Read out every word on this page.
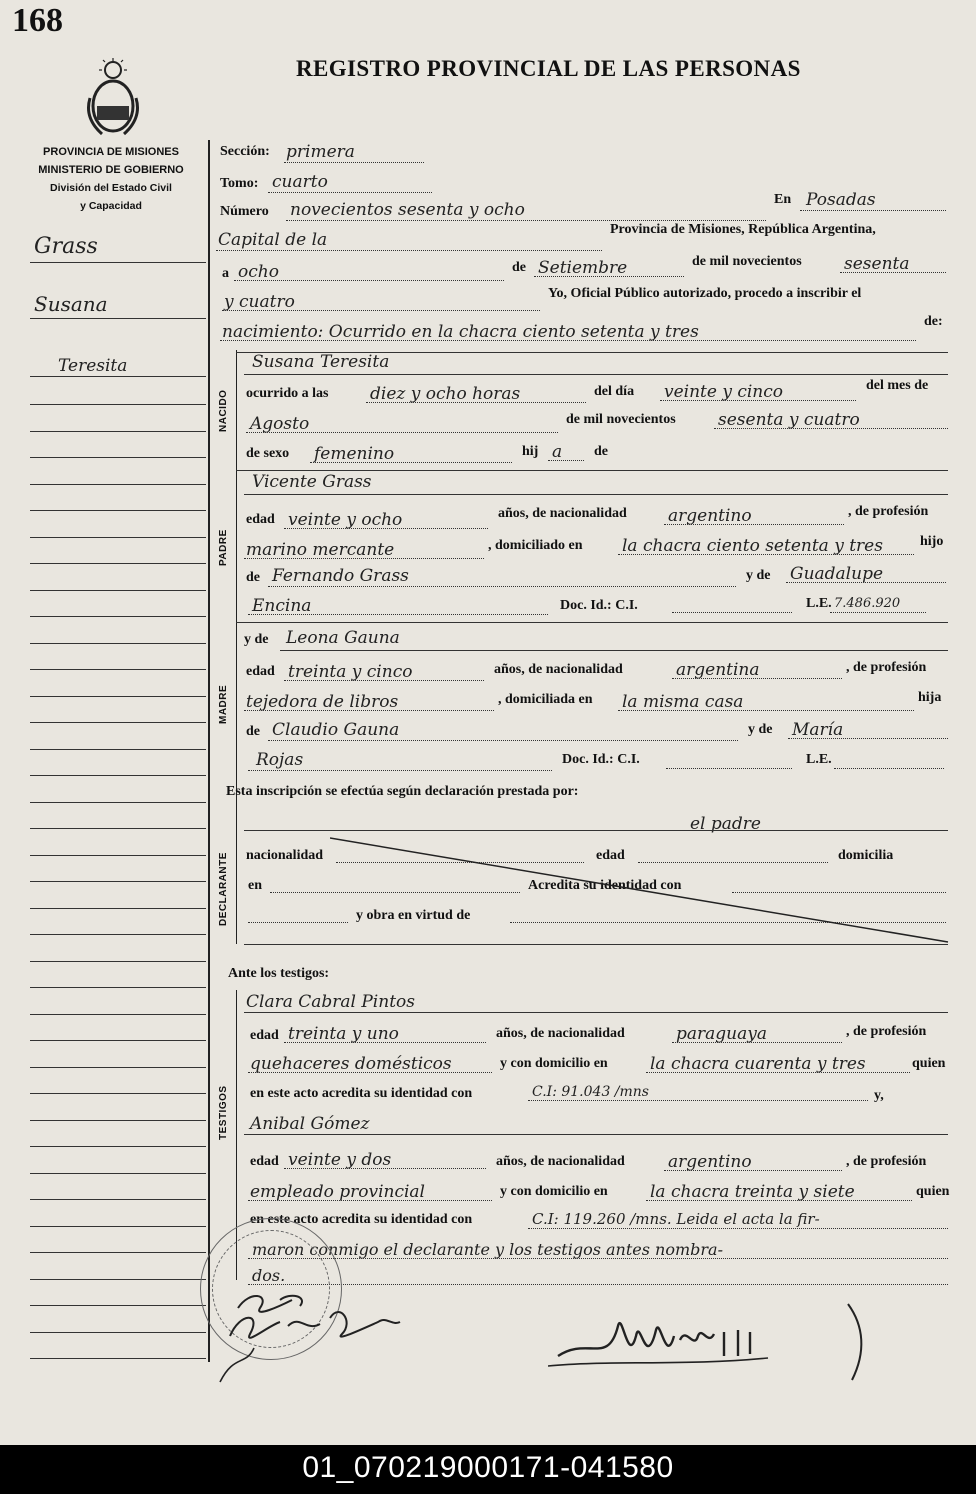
168
REGISTRO PROVINCIAL DE LAS PERSONAS
PROVINCIA DE MISIONES
MINISTERIO DE GOBIERNO
División del Estado Civil
y Capacidad
Grass
Susana
Teresita
NACIDO
PADRE
MADRE
DECLARANTE
TESTIGOS
Sección: primera
Tomo: cuarto
Número novecientos sesenta y ocho
En Posadas
Capital de la
Provincia de Misiones, República Argentina,
a ocho	de Setiembre	de mil novecientos sesenta
y cuatro	Yo, Oficial Público autorizado, procedo a inscribir el
nacimiento: Ocurrido en la chacra ciento setenta y tres
de:
Susana Teresita
ocurrido a las diez y ocho horas	del día veinte y cinco	del mes de
Agosto	de mil novecientos sesenta y cuatro
de sexo femenino	hij a de
Vicente Grass
edad veinte y ocho	años, de nacionalidad argentino	, de profesión
marino mercante	, domiciliado en la chacra ciento setenta y tres	hijo
de Fernando Grass	y de Guadalupe
Encina	Doc. Id.: C.I.	L.E. 7.486.920
y de Leona Gauna
edad treinta y cinco	años, de nacionalidad	argentina	, de profesión
tejedora de libros	, domiciliada en la misma casa	hija
de Claudio Gauna	y de María
Rojas	Doc. Id.: C.I.	L.E.
Esta inscripción se efectúa según declaración prestada por:
el padre
nacionalidad	edad	domicilia
en	Acredita su identidad con
y obra en virtud de
Ante los testigos:
Clara Cabral Pintos
edad treinta y uno	años, de nacionalidad	paraguaya	, de profesión
quehaceres domésticos	y con domicilio en la chacra cuarenta y tres	quien
en este acto acredita su identidad con	C.I: 91.043 /mns	y,
Anibal Gómez
edad veinte y dos	años, de nacionalidad	argentino	, de profesión
empleado provincial	y con domicilio en la chacra treinta y siete	quien
en este acto acredita su identidad con	C.I: 119.260 /mns. Leida el acta la fir-
maron conmigo el declarante y los testigos antes nombra-
dos.
01_070219000171-041580
